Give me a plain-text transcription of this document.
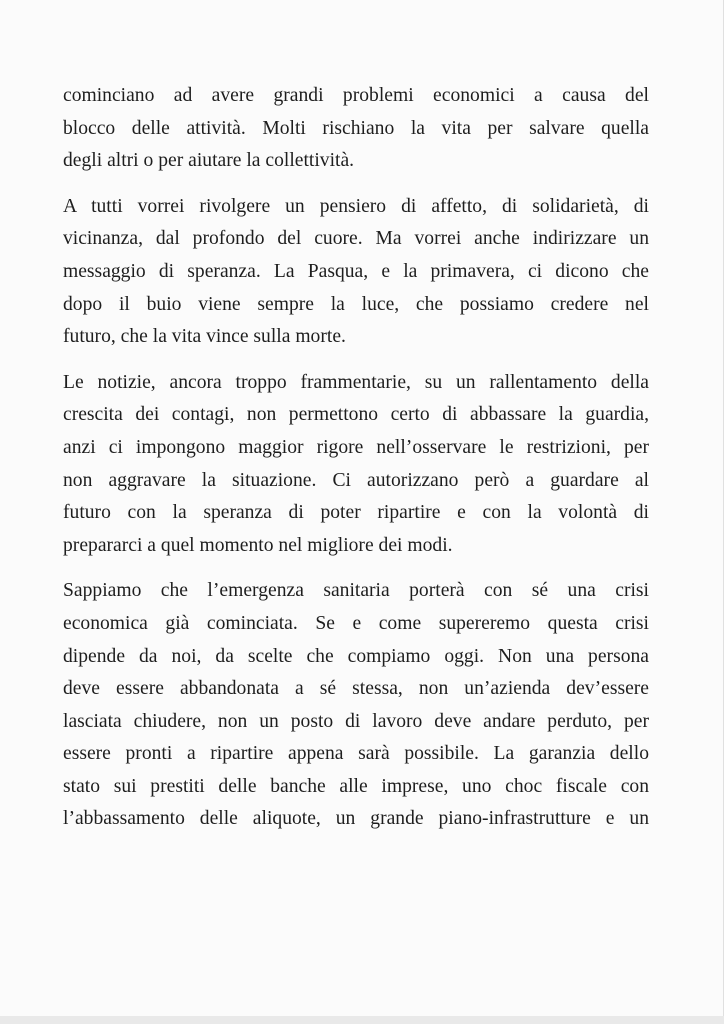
cominciano ad avere grandi problemi economici a causa del
blocco delle attività. Molti rischiano la vita per salvare quella
degli altri o per aiutare la collettività.
A tutti vorrei rivolgere un pensiero di affetto, di solidarietà, di
vicinanza, dal profondo del cuore. Ma vorrei anche indirizzare un
messaggio di speranza. La Pasqua, e la primavera, ci dicono che
dopo il buio viene sempre la luce, che possiamo credere nel
futuro, che la vita vince sulla morte.
Le notizie, ancora troppo frammentarie, su un rallentamento della
crescita dei contagi, non permettono certo di abbassare la guardia,
anzi ci impongono maggior rigore nell’osservare le restrizioni, per
non aggravare la situazione. Ci autorizzano però a guardare al
futuro con la speranza di poter ripartire e con la volontà di
prepararci a quel momento nel migliore dei modi.
Sappiamo che l’emergenza sanitaria porterà con sé una crisi
economica già cominciata. Se e come supereremo questa crisi
dipende da noi, da scelte che compiamo oggi. Non una persona
deve essere abbandonata a sé stessa, non un’azienda dev’essere
lasciata chiudere, non un posto di lavoro deve andare perduto, per
essere pronti a ripartire appena sarà possibile. La garanzia dello
stato sui prestiti delle banche alle imprese, uno choc fiscale con
l’abbassamento delle aliquote, un grande piano-infrastrutture e un
